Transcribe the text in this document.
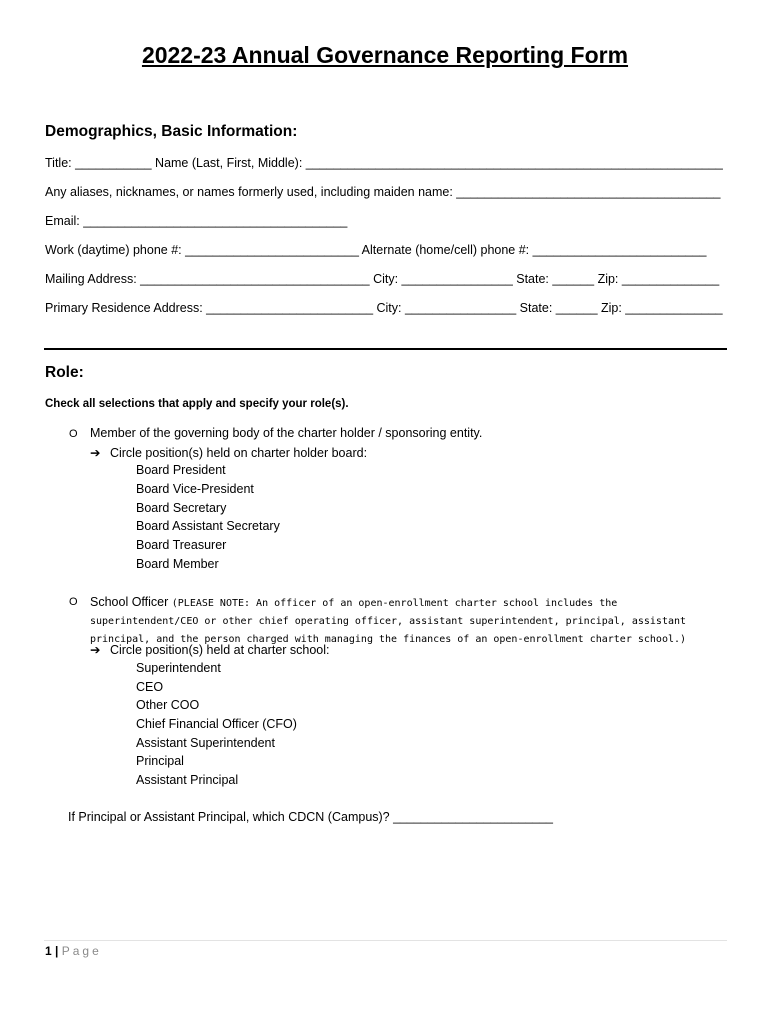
2022-23 Annual Governance Reporting Form
Demographics, Basic Information:
Title: ___________ Name (Last, First, Middle): ____________________________________________________________
Any aliases, nicknames, or names formerly used, including maiden name: ______________________________________
Email: ______________________________________
Work (daytime) phone #: _________________________ Alternate (home/cell) phone #: _________________________
Mailing Address: _________________________________ City: ________________ State: ______ Zip: ______________
Primary Residence Address: ________________________ City: ________________ State: ______ Zip: ______________
Role:
Check all selections that apply and specify your role(s).
O Member of the governing body of the charter holder / sponsoring entity.
➔ Circle position(s) held on charter holder board:
Board President
Board Vice-President
Board Secretary
Board Assistant Secretary
Board Treasurer
Board Member
O School Officer (PLEASE NOTE: An officer of an open-enrollment charter school includes the superintendent/CEO or other chief operating officer, assistant superintendent, principal, assistant principal, and the person charged with managing the finances of an open-enrollment charter school.)
➔ Circle position(s) held at charter school:
Superintendent
CEO
Other COO
Chief Financial Officer (CFO)
Assistant Superintendent
Principal
Assistant Principal
If Principal or Assistant Principal, which CDCN (Campus)? _______________________
1 | Page
